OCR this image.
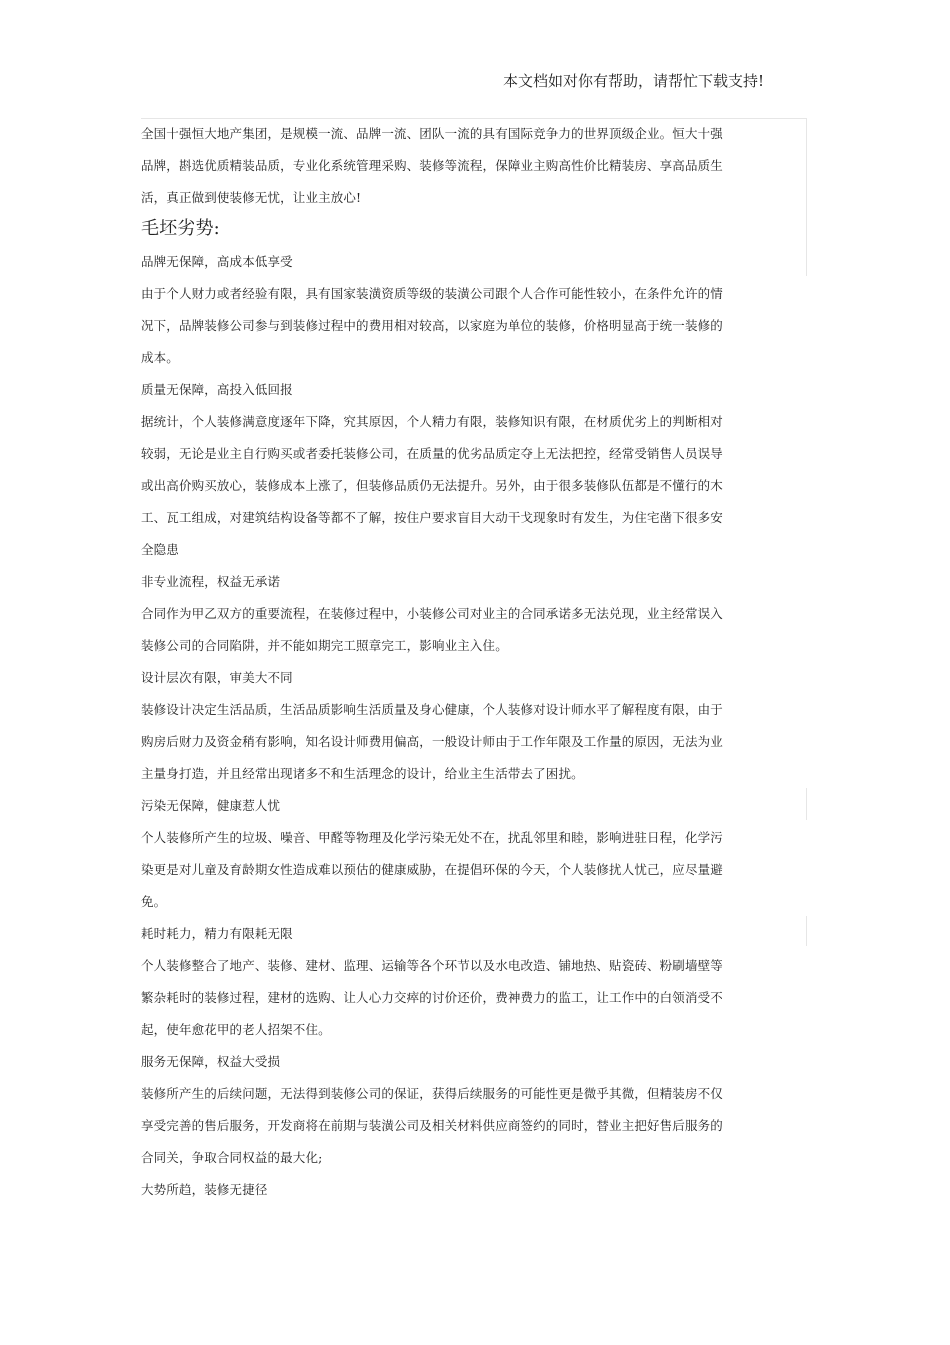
本文档如对你有帮助，请帮忙下载支持!
全国十强恒大地产集团，是规模一流、品牌一流、团队一流的具有国际竞争力的世界顶级企业。恒大十强
品牌，斟选优质精装品质，专业化系统管理采购、装修等流程，保障业主购高性价比精装房、享高品质生
活，真正做到使装修无忧，让业主放心!
毛坯劣势:
品牌无保障，高成本低享受
由于个人财力或者经验有限，具有国家装潢资质等级的装潢公司跟个人合作可能性较小，在条件允许的情
况下，品牌装修公司参与到装修过程中的费用相对较高，以家庭为单位的装修，价格明显高于统一装修的
成本。
质量无保障，高投入低回报
据统计，个人装修满意度逐年下降，究其原因，个人精力有限，装修知识有限，在材质优劣上的判断相对
较弱，无论是业主自行购买或者委托装修公司，在质量的优劣品质定夺上无法把控，经常受销售人员误导
或出高价购买放心，装修成本上涨了，但装修品质仍无法提升。另外，由于很多装修队伍都是不懂行的木
工、瓦工组成，对建筑结构设备等都不了解，按住户要求盲目大动干戈现象时有发生，为住宅凿下很多安
全隐患
非专业流程，权益无承诺
合同作为甲乙双方的重要流程，在装修过程中，小装修公司对业主的合同承诺多无法兑现，业主经常误入
装修公司的合同陷阱，并不能如期完工照章完工，影响业主入住。
设计层次有限，审美大不同
装修设计决定生活品质，生活品质影响生活质量及身心健康，个人装修对设计师水平了解程度有限，由于
购房后财力及资金稍有影响，知名设计师费用偏高，一般设计师由于工作年限及工作量的原因，无法为业
主量身打造，并且经常出现诸多不和生活理念的设计，给业主生活带去了困扰。
污染无保障，健康惹人忧
个人装修所产生的垃圾、噪音、甲醛等物理及化学污染无处不在，扰乱邻里和睦，影响进驻日程，化学污
染更是对儿童及育龄期女性造成难以预估的健康威胁，在提倡环保的今天，个人装修扰人忧己，应尽量避
免。
耗时耗力，精力有限耗无限
个人装修整合了地产、装修、建材、监理、运输等各个环节以及水电改造、铺地热、贴瓷砖、粉刷墙壁等
繁杂耗时的装修过程，建材的选购、让人心力交瘁的讨价还价，费神费力的监工，让工作中的白领消受不
起，使年愈花甲的老人招架不住。
服务无保障，权益大受损
装修所产生的后续问题，无法得到装修公司的保证，获得后续服务的可能性更是微乎其微，但精装房不仅
享受完善的售后服务，开发商将在前期与装潢公司及相关材料供应商签约的同时，替业主把好售后服务的
合同关，争取合同权益的最大化;
大势所趋，装修无捷径
